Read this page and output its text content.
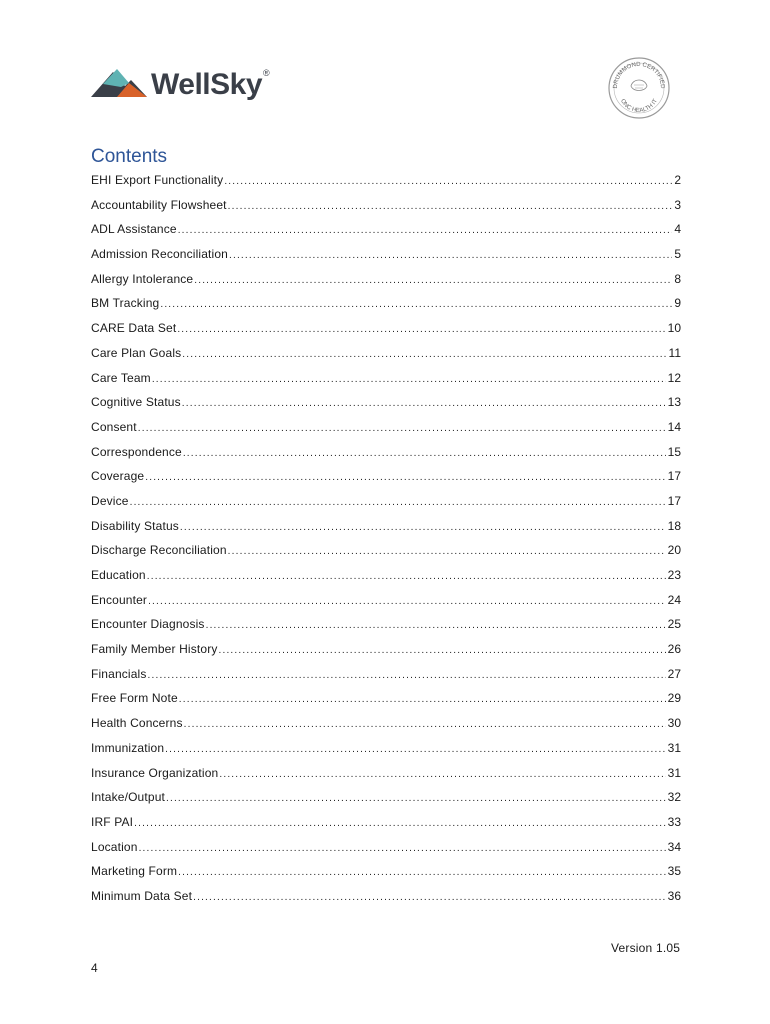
WellSky®
DRUMMOND CERTIFIED
ONC HEALTH IT
Contents
EHI Export Functionality .....	2
Accountability Flowsheet .....	3
ADL Assistance .....	4
Admission Reconciliation .....	5
Allergy Intolerance .....	8
BM Tracking .....	9
CARE Data Set .....	10
Care Plan Goals .....	11
Care Team .....	12
Cognitive Status .....	13
Consent .....	14
Correspondence .....	15
Coverage .....	17
Device .....	17
Disability Status .....	18
Discharge Reconciliation .....	20
Education .....	23
Encounter .....	24
Encounter Diagnosis .....	25
Family Member History .....	26
Financials .....	27
Free Form Note .....	29
Health Concerns .....	30
Immunization .....	31
Insurance Organization .....	31
Intake/Output .....	32
IRF PAI .....	33
Location .....	34
Marketing Form .....	35
Minimum Data Set .....	36
Version 1.05
4
